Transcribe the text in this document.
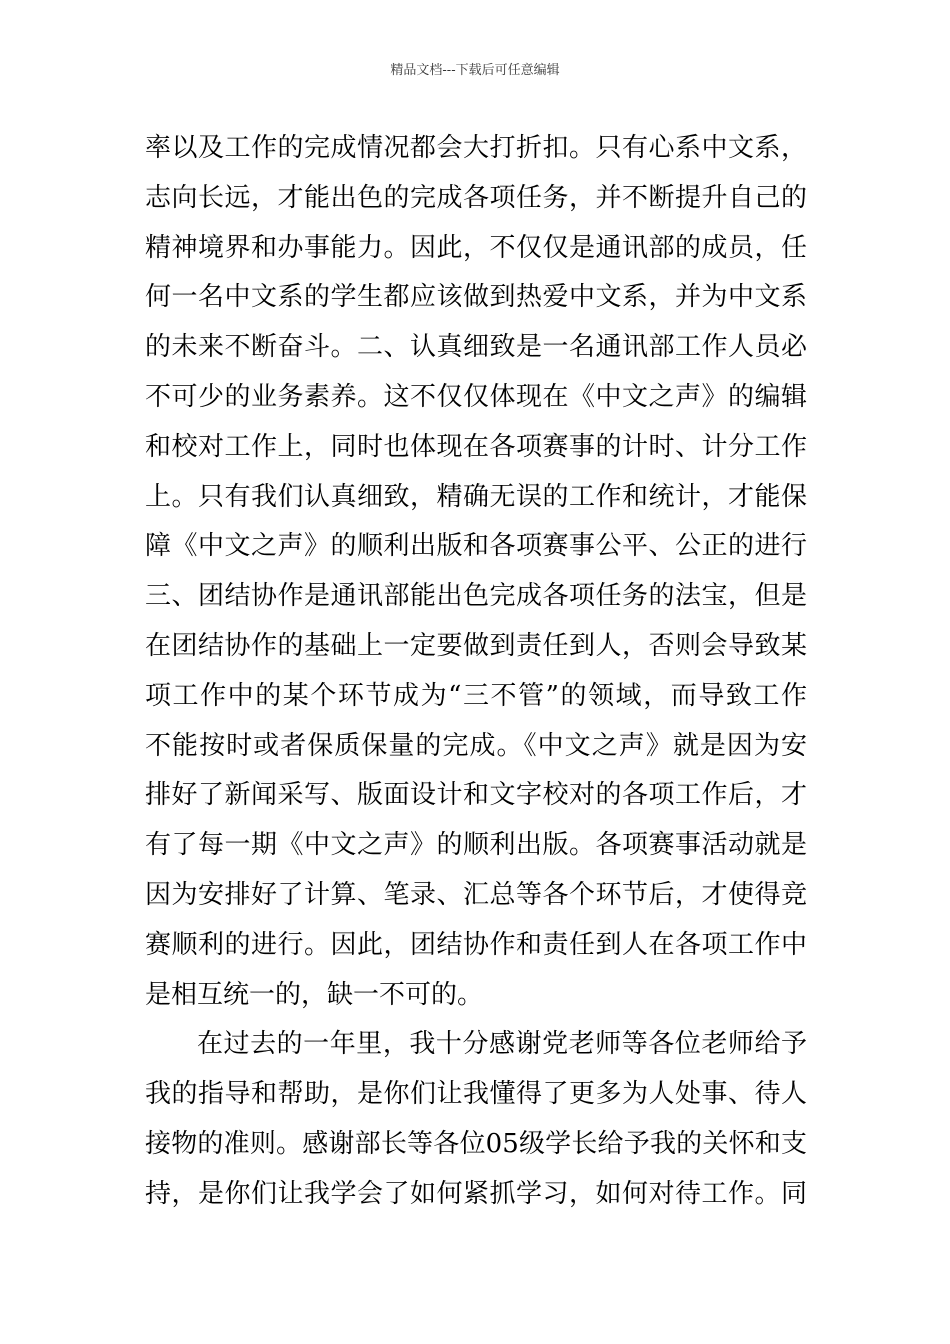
精品文档---下载后可任意编辑
率以及工作的完成情况都会大打折扣。只有心系中文系，
志向长远，才能出色的完成各项任务，并不断提升自己的
精神境界和办事能力。因此，不仅仅是通讯部的成员，任
何一名中文系的学生都应该做到热爱中文系，并为中文系
的未来不断奋斗。二、认真细致是一名通讯部工作人员必
不可少的业务素养。这不仅仅体现在《中文之声》的编辑
和校对工作上，同时也体现在各项赛事的计时、计分工作
上。只有我们认真细致，精确无误的工作和统计，才能保
障《中文之声》的顺利出版和各项赛事公平、公正的进行
三、团结协作是通讯部能出色完成各项任务的法宝，但是
在团结协作的基础上一定要做到责任到人，否则会导致某
项工作中的某个环节成为“三不管”的领域，而导致工作
不能按时或者保质保量的完成。《中文之声》就是因为安
排好了新闻采写、版面设计和文字校对的各项工作后，才
有了每一期《中文之声》的顺利出版。各项赛事活动就是
因为安排好了计算、笔录、汇总等各个环节后，才使得竞
赛顺利的进行。因此，团结协作和责任到人在各项工作中
是相互统一的，缺一不可的。
在过去的一年里，我十分感谢党老师等各位老师给予
我的指导和帮助，是你们让我懂得了更多为人处事、待人
接物的准则。感谢部长等各位05级学长给予我的关怀和支
持，是你们让我学会了如何紧抓学习，如何对待工作。同
